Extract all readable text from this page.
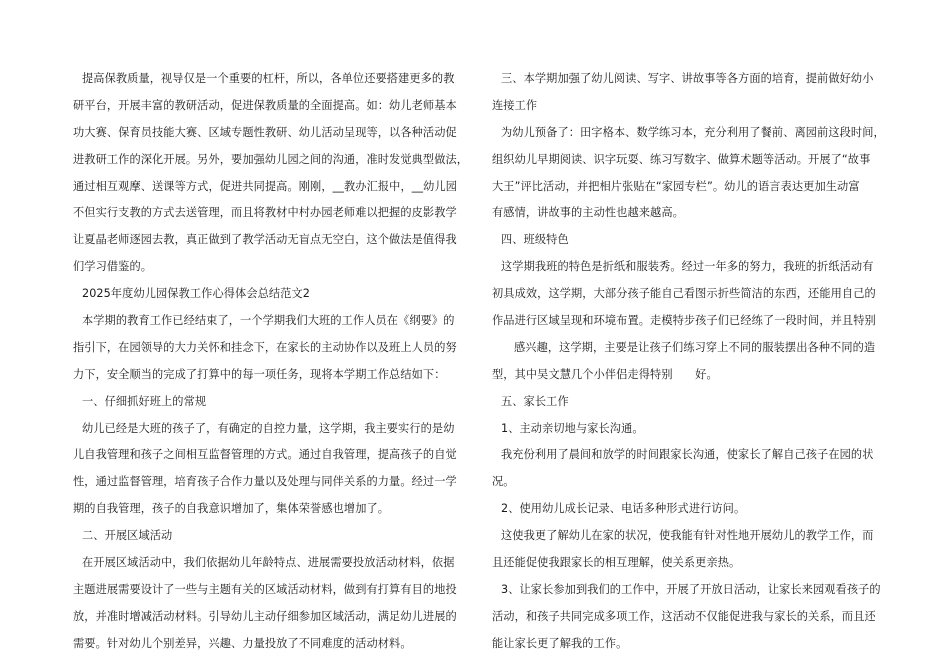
提高保教质量，视导仅是一个重要的杠杆，所以，各单位还要搭建更多的教
研平台，开展丰富的教研活动，促进保教质量的全面提高。如：幼儿老师基本
功大赛、保育员技能大赛、区域专题性教研、幼儿活动呈现等，以各种活动促
进教研工作的深化开展。另外，要加强幼儿园之间的沟通，准时发觉典型做法，
通过相互观摩、送课等方式，促进共同提高。刚刚，__教办汇报中，__幼儿园
不但实行支教的方式去送管理，而且将教材中村办园老师难以把握的皮影教学
让夏晶老师逐园去教，真正做到了教学活动无盲点无空白，这个做法是值得我
们学习借鉴的。
2025年度幼儿园保教工作心得体会总结范文2
本学期的教育工作已经结束了，一个学期我们大班的工作人员在《纲要》的
指引下，在园领导的大力关怀和挂念下，在家长的主动协作以及班上人员的努
力下，安全顺当的完成了打算中的每一项任务，现将本学期工作总结如下：
一、仔细抓好班上的常规
幼儿已经是大班的孩子了，有确定的自控力量，这学期，我主要实行的是幼
儿自我管理和孩子之间相互监督管理的方式。通过自我管理，提高孩子的自觉
性，通过监督管理，培育孩子合作力量以及处理与同伴关系的力量。经过一学
期的自我管理，孩子的自我意识增加了，集体荣誉感也增加了。
二、开展区域活动
在开展区域活动中，我们依据幼儿年龄特点、进展需要投放活动材料，依据
主题进展需要设计了一些与主题有关的区域活动材料，做到有打算有目的地投
放，并准时增减活动材料。引导幼儿主动仔细参加区域活动，满足幼儿进展的
需要。针对幼儿个别差异，兴趣、力量投放了不同难度的活动材料。
三、本学期加强了幼儿阅读、写字、讲故事等各方面的培育，提前做好幼小
连接工作
为幼儿预备了：田字格本、数学练习本，充分利用了餐前、离园前这段时间，
组织幼儿早期阅读、识字玩耍、练习写数字、做算术题等活动。开展了“故事
大王”评比活动，并把相片张贴在“家园专栏”。幼儿的语言表达更加生动富
有感情，讲故事的主动性也越来越高。
四、班级特色
这学期我班的特色是折纸和服装秀。经过一年多的努力，我班的折纸活动有
初具成效，这学期，大部分孩子能自己看图示折些简洁的东西，还能用自己的
作品进行区域呈现和环境布置。走模特步孩子们已经练了一段时间，并且特别
感兴趣，这学期，主要是让孩子们练习穿上不同的服装摆出各种不同的造
型，其中吴文慧几个小伴侣走得特别　　好。
五、家长工作
1、主动亲切地与家长沟通。
我充份利用了晨间和放学的时间跟家长沟通，使家长了解自己孩子在园的状
况。
2、使用幼儿成长记录、电话多种形式进行访问。
这使我更了解幼儿在家的状况，使我能有针对性地开展幼儿的教学工作，而
且还能促使我跟家长的相互理解，使关系更亲热。
3、让家长参加到我们的工作中，开展了开放日活动，让家长来园观看孩子的
活动，和孩子共同完成多项工作，这活动不仅能促进我与家长的关系，而且还
能让家长更了解我的工作。
